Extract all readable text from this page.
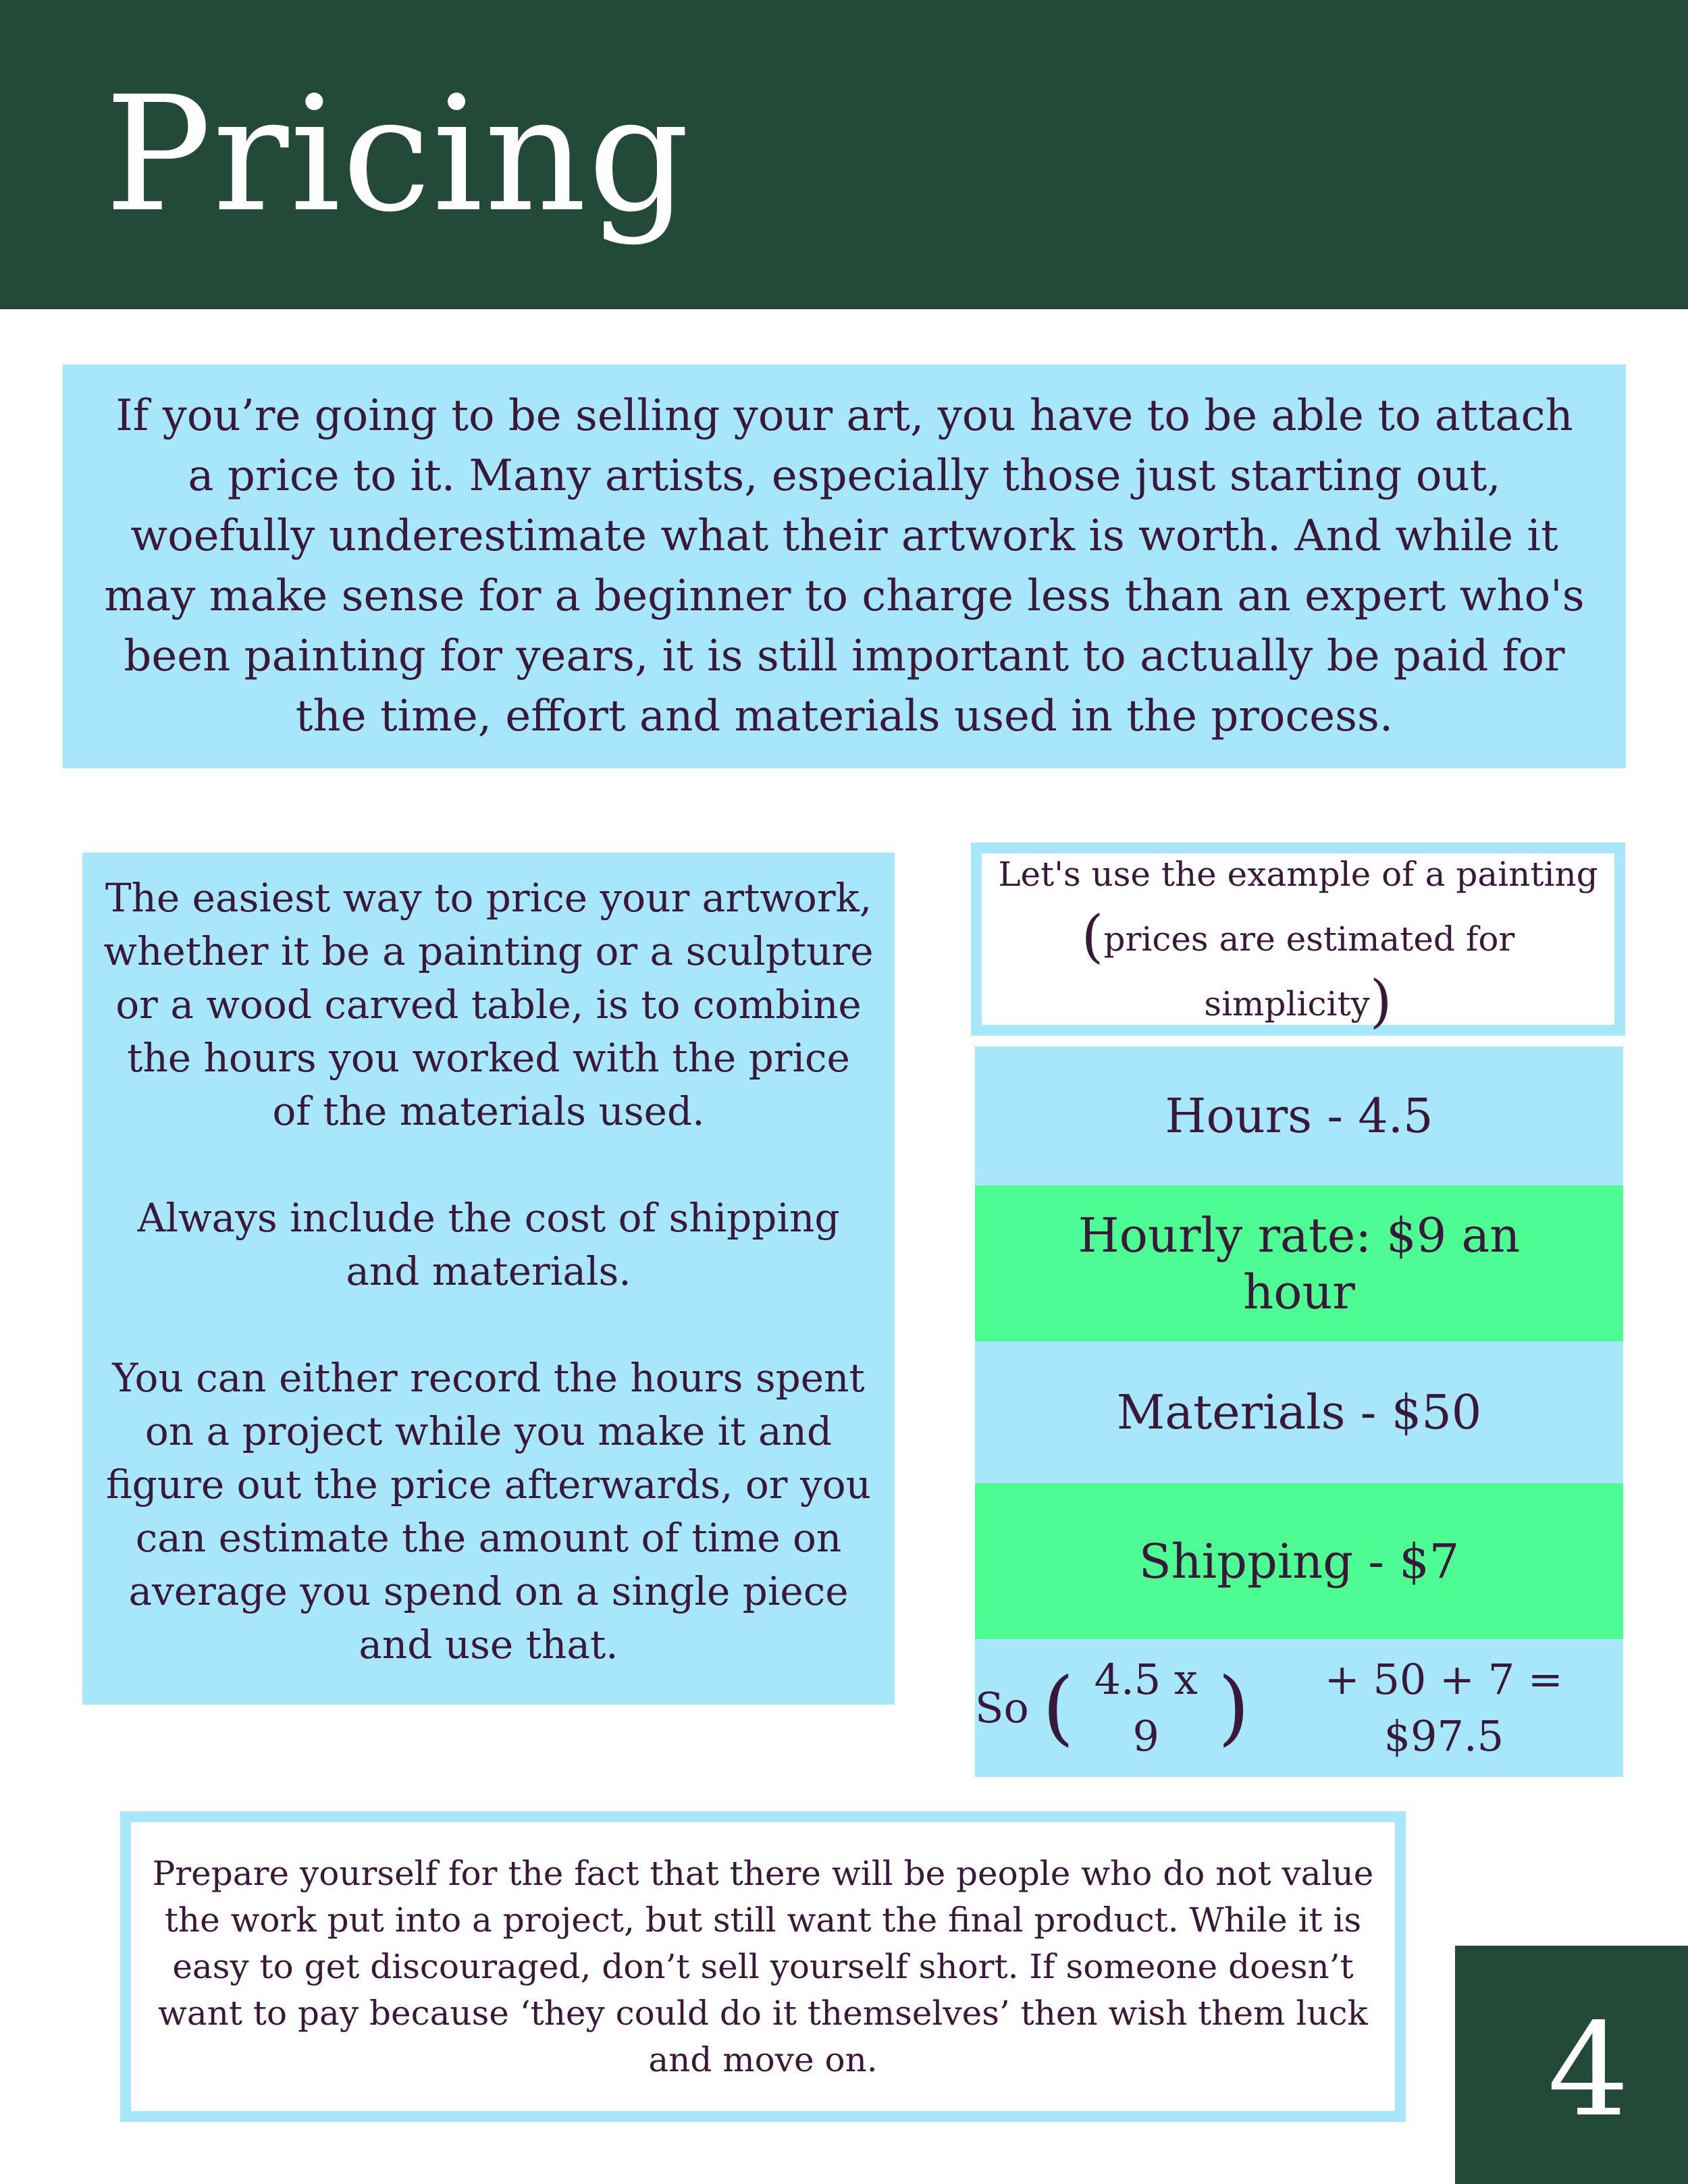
Pricing
If you’re going to be selling your art, you have to be able to attach a price to it. Many artists, especially those just starting out, woefully underestimate what their artwork is worth. And while it may make sense for a beginner to charge less than an expert who's been painting for years, it is still important to actually be paid for the time, effort and materials used in the process.

The easiest way to price your artwork, whether it be a painting or a sculpture or a wood carved table, is to combine the hours you worked with the price of the materials used.

Always include the cost of shipping and materials.

You can either record the hours spent on a project while you make it and figure out the price afterwards, or you can estimate the amount of time on average you spend on a single piece and use that.

Let's use the example of a painting
(prices are estimated for simplicity)
Hours - 4.5
Hourly rate: $9 an hour
Materials - $50
Shipping - $7
So ( 4.5 x 9 )	+ 50 + 7 = $97.5
Prepare yourself for the fact that there will be people who do not value the work put into a project, but still want the final product. While it is easy to get discouraged, don’t sell yourself short. If someone doesn’t want to pay because ‘they could do it themselves’ then wish them luck and move on.	4
